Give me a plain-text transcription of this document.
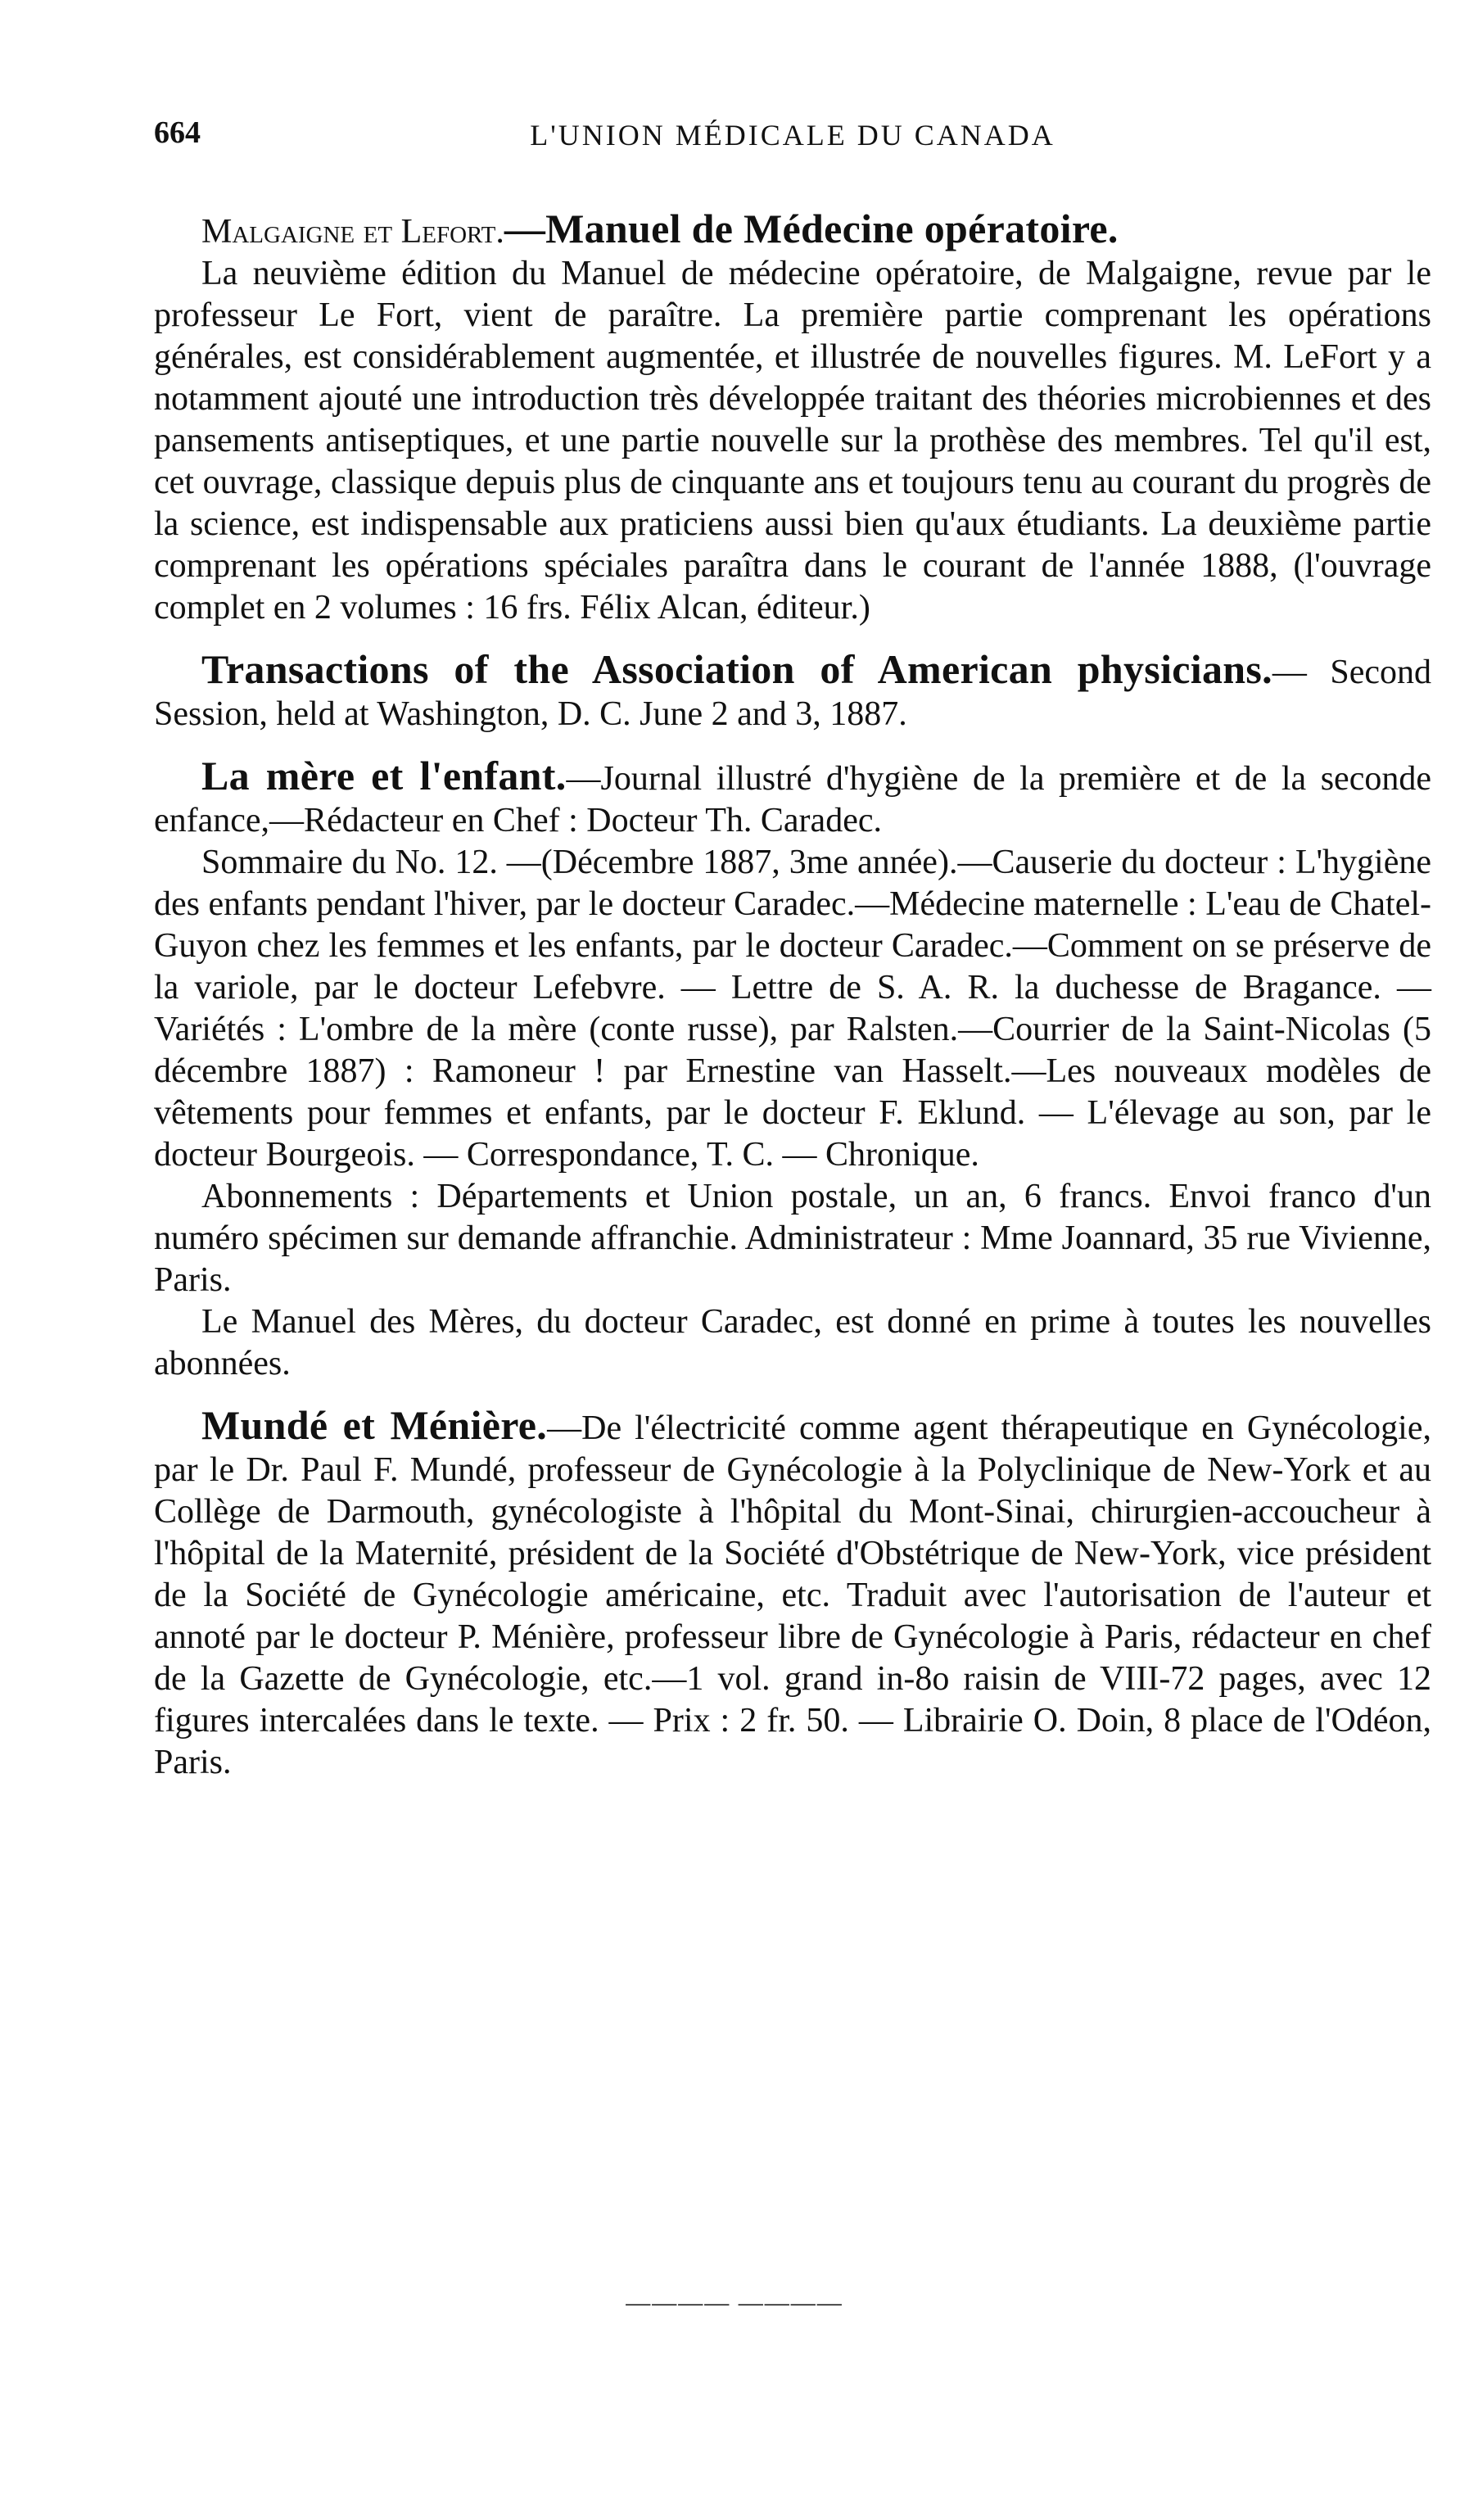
664	L'UNION MÉDICALE DU CANADA

Malgaigne et Lefort.—Manuel de Médecine opératoire.

La neuvième édition du Manuel de médecine opératoire, de Malgaigne, revue par le professeur Le Fort, vient de paraître. La première partie comprenant les opérations générales, est considérablement augmentée, et illustrée de nouvelles figures. M. LeFort y a notamment ajouté une introduction très développée traitant des théories microbiennes et des pansements antiseptiques, et une partie nouvelle sur la prothèse des membres. Tel qu'il est, cet ouvrage, classique depuis plus de cinquante ans et toujours tenu au courant du progrès de la science, est indispensable aux praticiens aussi bien qu'aux étudiants. La deuxième partie comprenant les opérations spéciales paraîtra dans le courant de l'année 1888, (l'ouvrage complet en 2 volumes : 16 frs. Félix Alcan, éditeur.)

Transactions of the Association of American physicians.— Second Session, held at Washington, D. C. June 2 and 3, 1887.

La mère et l'enfant.—Journal illustré d'hygiène de la première et de la seconde enfance,—Rédacteur en Chef : Docteur Th. Caradec.

Sommaire du No. 12. —(Décembre 1887, 3me année).—Causerie du docteur : L'hygiène des enfants pendant l'hiver, par le docteur Caradec.—Médecine maternelle : L'eau de Chatel-Guyon chez les femmes et les enfants, par le docteur Caradec.—Comment on se préserve de la variole, par le docteur Lefebvre. — Lettre de S. A. R. la duchesse de Bragance. — Variétés : L'ombre de la mère (conte russe), par Ralsten.—Courrier de la Saint-Nicolas (5 décembre 1887) : Ramoneur ! par Ernestine van Hasselt.—Les nouveaux modèles de vêtements pour femmes et enfants, par le docteur F. Eklund. — L'élevage au son, par le docteur Bourgeois. — Correspondance, T. C. — Chronique.

Abonnements : Départements et Union postale, un an, 6 francs. Envoi franco d'un numéro spécimen sur demande affranchie. Administrateur : Mme Joannard, 35 rue Vivienne, Paris.

Le Manuel des Mères, du docteur Caradec, est donné en prime à toutes les nouvelles abonnées.

Mundé et Ménière.—De l'électricité comme agent thérapeutique en Gynécologie, par le Dr. Paul F. Mundé, professeur de Gynécologie à la Polyclinique de New-York et au Collège de Darmouth, gynécologiste à l'hôpital du Mont-Sinai, chirurgien-accoucheur à l'hôpital de la Maternité, président de la Société d'Obstétrique de New-York, vice président de la Société de Gynécologie américaine, etc. Traduit avec l'autorisation de l'auteur et annoté par le docteur P. Ménière, professeur libre de Gynécologie à Paris, rédacteur en chef de la Gazette de Gynécologie, etc.—1 vol. grand in-8o raisin de VIII-72 pages, avec 12 figures intercalées dans le texte. — Prix : 2 fr. 50. — Librairie O. Doin, 8 place de l'Odéon, Paris.

———— ————
